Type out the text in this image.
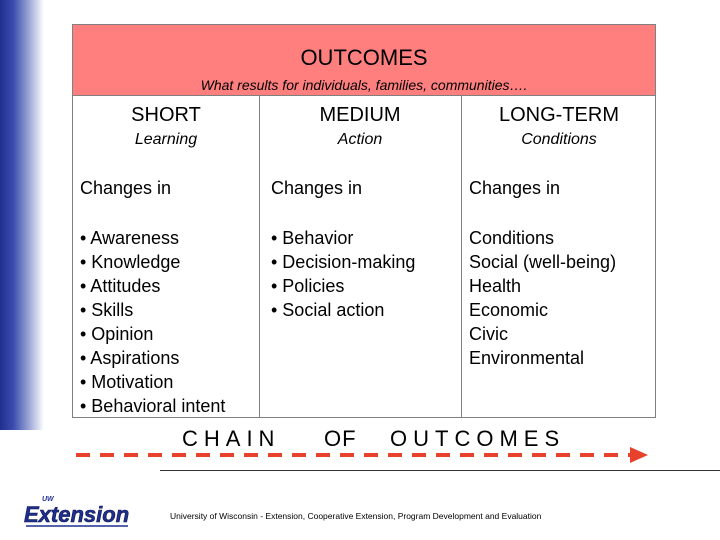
OUTCOMES
What results for individuals, families, communities….
SHORT
Learning
Changes in
• Awareness
• Knowledge
• Attitudes
• Skills
• Opinion
• Aspirations
• Motivation
• Behavioral intent
MEDIUM
Action
Changes in
• Behavior
• Decision-making
• Policies
• Social action
LONG-TERM
Conditions
Changes in
Conditions
Social (well-being)
Health
Economic
Civic
Environmental
CHAIN OF OUTCOMES
UW
Extension	University of Wisconsin - Extension, Cooperative Extension, Program Development and Evaluation
